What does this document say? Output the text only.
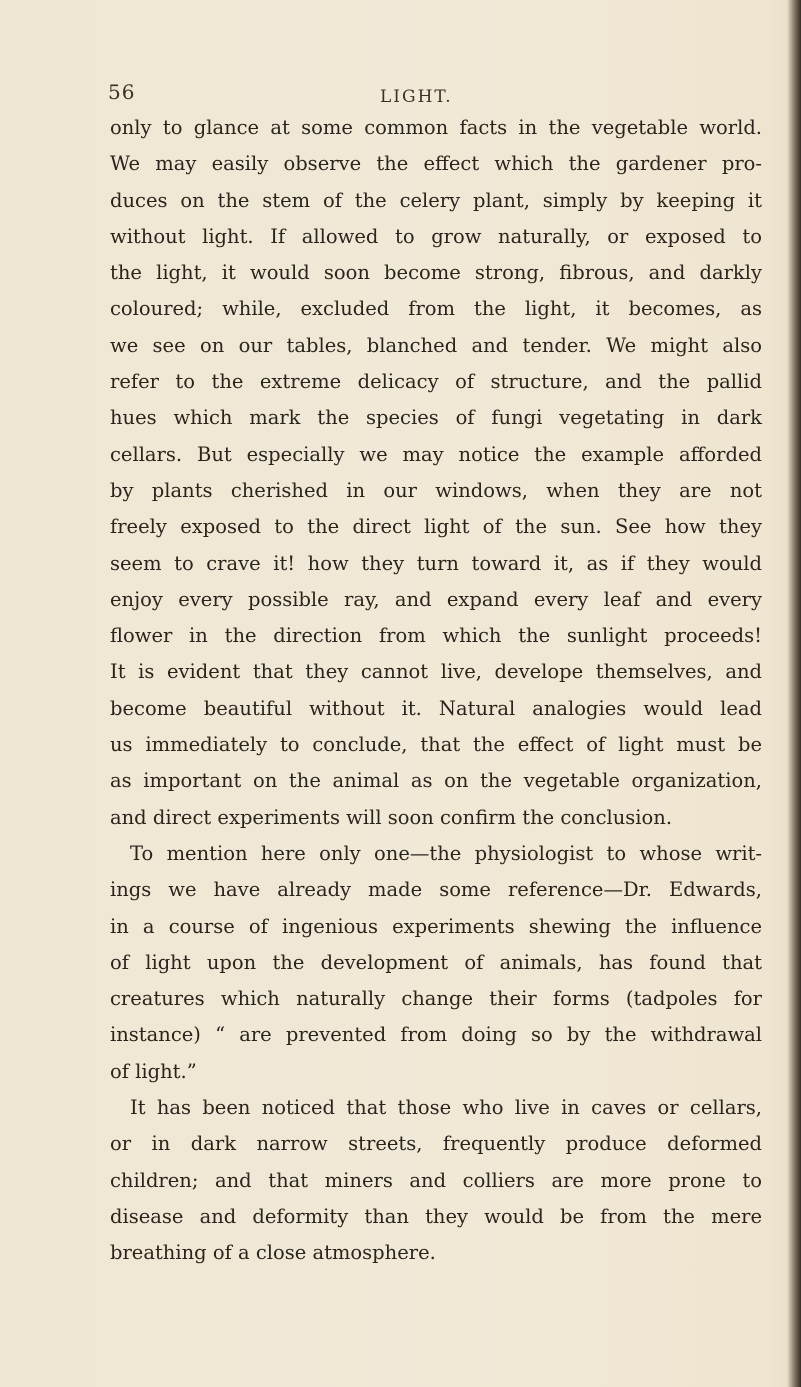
56	LIGHT.
only to glance at some common facts in the vegetable world.
We may easily observe the effect which the gardener pro-
duces on the stem of the celery plant, simply by keeping it
without light. If allowed to grow naturally, or exposed to
the light, it would soon become strong, fibrous, and darkly
coloured; while, excluded from the light, it becomes, as
we see on our tables, blanched and tender. We might also
refer to the extreme delicacy of structure, and the pallid
hues which mark the species of fungi vegetating in dark
cellars. But especially we may notice the example afforded
by plants cherished in our windows, when they are not
freely exposed to the direct light of the sun. See how they
seem to crave it! how they turn toward it, as if they would
enjoy every possible ray, and expand every leaf and every
flower in the direction from which the sunlight proceeds!
It is evident that they cannot live, develope themselves, and
become beautiful without it. Natural analogies would lead
us immediately to conclude, that the effect of light must be
as important on the animal as on the vegetable organization,
and direct experiments will soon confirm the conclusion.
To mention here only one—the physiologist to whose writ-
ings we have already made some reference—Dr. Edwards,
in a course of ingenious experiments shewing the influence
of light upon the development of animals, has found that
creatures which naturally change their forms (tadpoles for
instance) “ are prevented from doing so by the withdrawal
of light.”
It has been noticed that those who live in caves or cellars,
or in dark narrow streets, frequently produce deformed
children; and that miners and colliers are more prone to
disease and deformity than they would be from the mere
breathing of a close atmosphere.
